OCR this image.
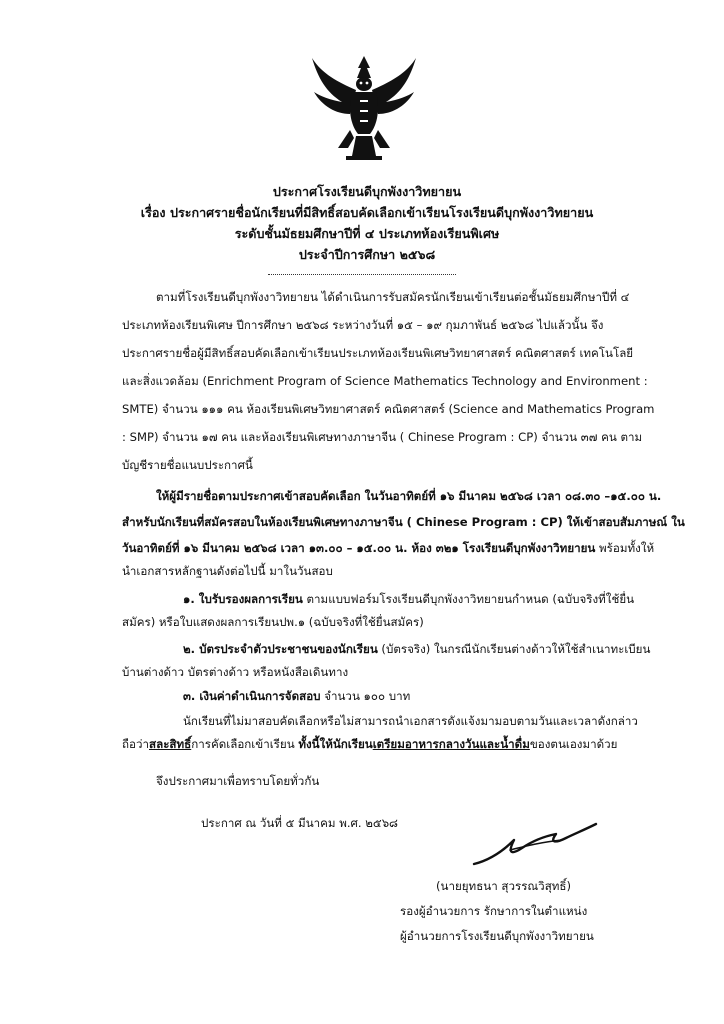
ประกาศโรงเรียนดีบุกพังงาวิทยายน
เรื่อง ประกาศรายชื่อนักเรียนที่มีสิทธิ์สอบคัดเลือกเข้าเรียนโรงเรียนดีบุกพังงาวิทยายน
ระดับชั้นมัธยมศึกษาปีที่ ๔ ประเภทห้องเรียนพิเศษ
ประจำปีการศึกษา ๒๕๖๘
ตามที่โรงเรียนดีบุกพังงาวิทยายน ได้ดำเนินการรับสมัครนักเรียนเข้าเรียนต่อชั้นมัธยมศึกษาปีที่ ๔
ประเภทห้องเรียนพิเศษ ปีการศึกษา ๒๕๖๘ ระหว่างวันที่ ๑๕ – ๑๙ กุมภาพันธ์ ๒๕๖๘ ไปแล้วนั้น จึง
ประกาศรายชื่อผู้มีสิทธิ์สอบคัดเลือกเข้าเรียนประเภทห้องเรียนพิเศษวิทยาศาสตร์ คณิตศาสตร์ เทคโนโลยี
และสิ่งแวดล้อม (Enrichment Program of Science Mathematics Technology and Environment :
SMTE) จำนวน ๑๑๑ คน ห้องเรียนพิเศษวิทยาศาสตร์ คณิตศาสตร์ (Science and Mathematics Program
: SMP) จำนวน ๑๗ คน และห้องเรียนพิเศษทางภาษาจีน ( Chinese Program : CP) จำนวน ๓๗ คน ตาม
บัญชีรายชื่อแนบประกาศนี้
ให้ผู้มีรายชื่อตามประกาศเข้าสอบคัดเลือก ในวันอาทิตย์ที่ ๑๖ มีนาคม ๒๕๖๘ เวลา ๐๘.๓๐ –๑๕.๐๐ น.
สำหรับนักเรียนที่สมัครสอบในห้องเรียนพิเศษทางภาษาจีน ( Chinese Program : CP) ให้เข้าสอบสัมภาษณ์ ใน
วันอาทิตย์ที่ ๑๖ มีนาคม ๒๕๖๘ เวลา ๑๓.๐๐ – ๑๕.๐๐ น. ห้อง ๓๒๑ โรงเรียนดีบุกพังงาวิทยายน พร้อมทั้งให้
นำเอกสารหลักฐานดังต่อไปนี้ มาในวันสอบ
๑. ใบรับรองผลการเรียน ตามแบบฟอร์มโรงเรียนดีบุกพังงาวิทยายนกำหนด (ฉบับจริงที่ใช้ยื่น
สมัคร) หรือใบแสดงผลการเรียนปพ.๑ (ฉบับจริงที่ใช้ยื่นสมัคร)
๒. บัตรประจำตัวประชาชนของนักเรียน (บัตรจริง) ในกรณีนักเรียนต่างด้าวให้ใช้สำเนาทะเบียน
บ้านต่างด้าว บัตรต่างด้าว หรือหนังสือเดินทาง
๓. เงินค่าดำเนินการจัดสอบ จำนวน ๑๐๐ บาท
นักเรียนที่ไม่มาสอบคัดเลือกหรือไม่สามารถนำเอกสารดังแจ้งมามอบตามวันและเวลาดังกล่าว
ถือว่าสละสิทธิ์การคัดเลือกเข้าเรียน ทั้งนี้ให้นักเรียนเตรียมอาหารกลางวันและน้ำดื่มของตนเองมาด้วย
จึงประกาศมาเพื่อทราบโดยทั่วกัน
ประกาศ ณ วันที่ ๕ มีนาคม พ.ศ. ๒๕๖๘
(นายยุทธนา สุวรรณวิสุทธิ์)
รองผู้อำนวยการ รักษาการในตำแหน่ง
ผู้อำนวยการโรงเรียนดีบุกพังงาวิทยายน
